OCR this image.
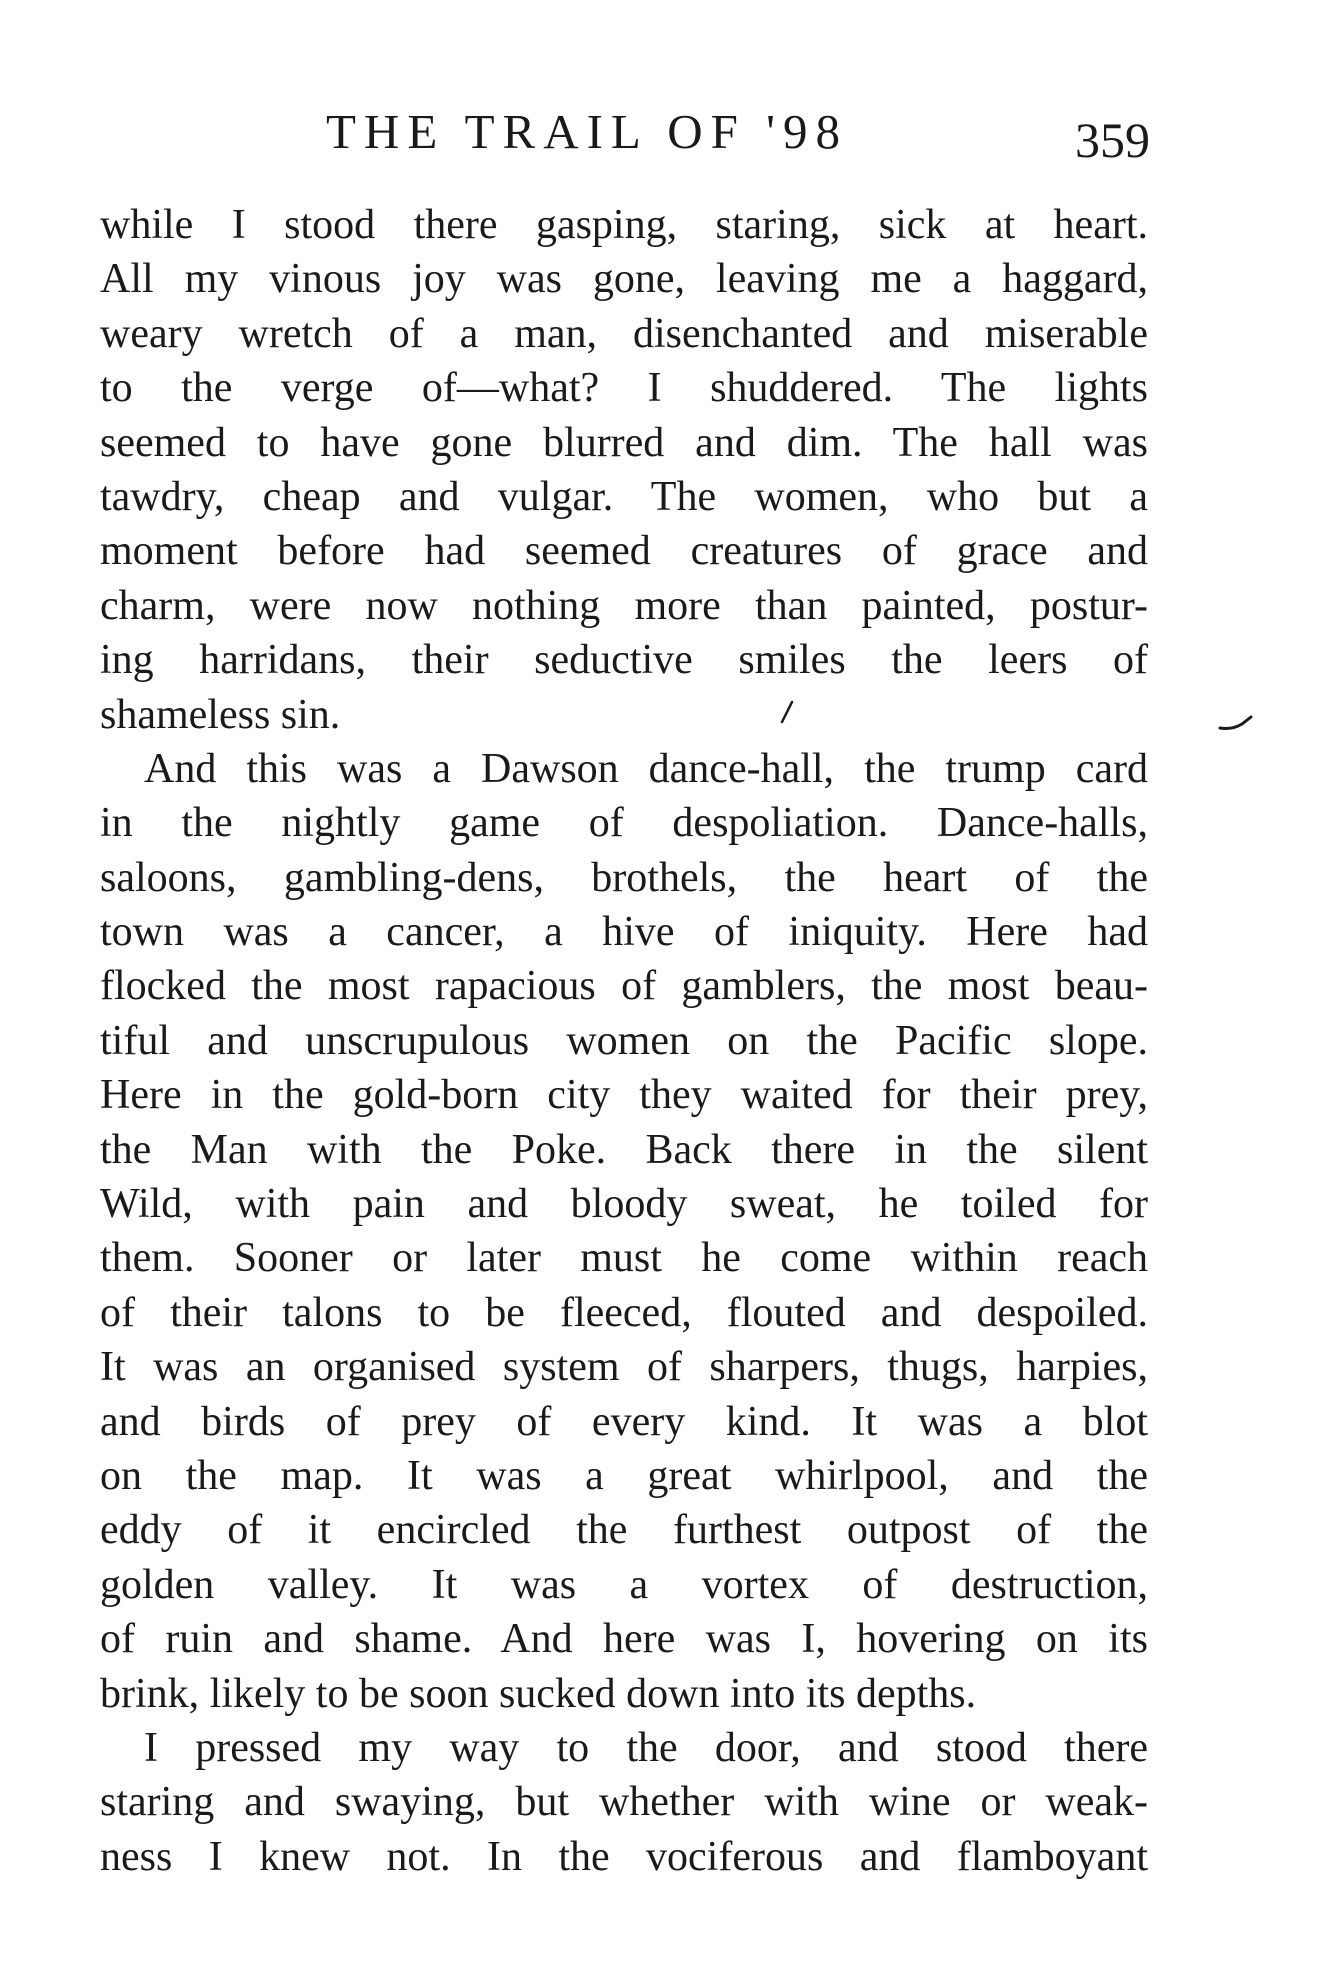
THE TRAIL OF '98	359
while I stood there gasping, staring, sick at heart.
All my vinous joy was gone, leaving me a haggard,
weary wretch of a man, disenchanted and miserable
to the verge of—what? I shuddered. The lights
seemed to have gone blurred and dim. The hall was
tawdry, cheap and vulgar. The women, who but a
moment before had seemed creatures of grace and
charm, were now nothing more than painted, postur-
ing harridans, their seductive smiles the leers of
shameless sin.
And this was a Dawson dance-hall, the trump card
in the nightly game of despoliation. Dance-halls,
saloons, gambling-dens, brothels, the heart of the
town was a cancer, a hive of iniquity. Here had
flocked the most rapacious of gamblers, the most beau-
tiful and unscrupulous women on the Pacific slope.
Here in the gold-born city they waited for their prey,
the Man with the Poke. Back there in the silent
Wild, with pain and bloody sweat, he toiled for
them. Sooner or later must he come within reach
of their talons to be fleeced, flouted and despoiled.
It was an organised system of sharpers, thugs, harpies,
and birds of prey of every kind. It was a blot
on the map. It was a great whirlpool, and the
eddy of it encircled the furthest outpost of the
golden valley. It was a vortex of destruction,
of ruin and shame. And here was I, hovering on its
brink, likely to be soon sucked down into its depths.
I pressed my way to the door, and stood there
staring and swaying, but whether with wine or weak-
ness I knew not. In the vociferous and flamboyant
